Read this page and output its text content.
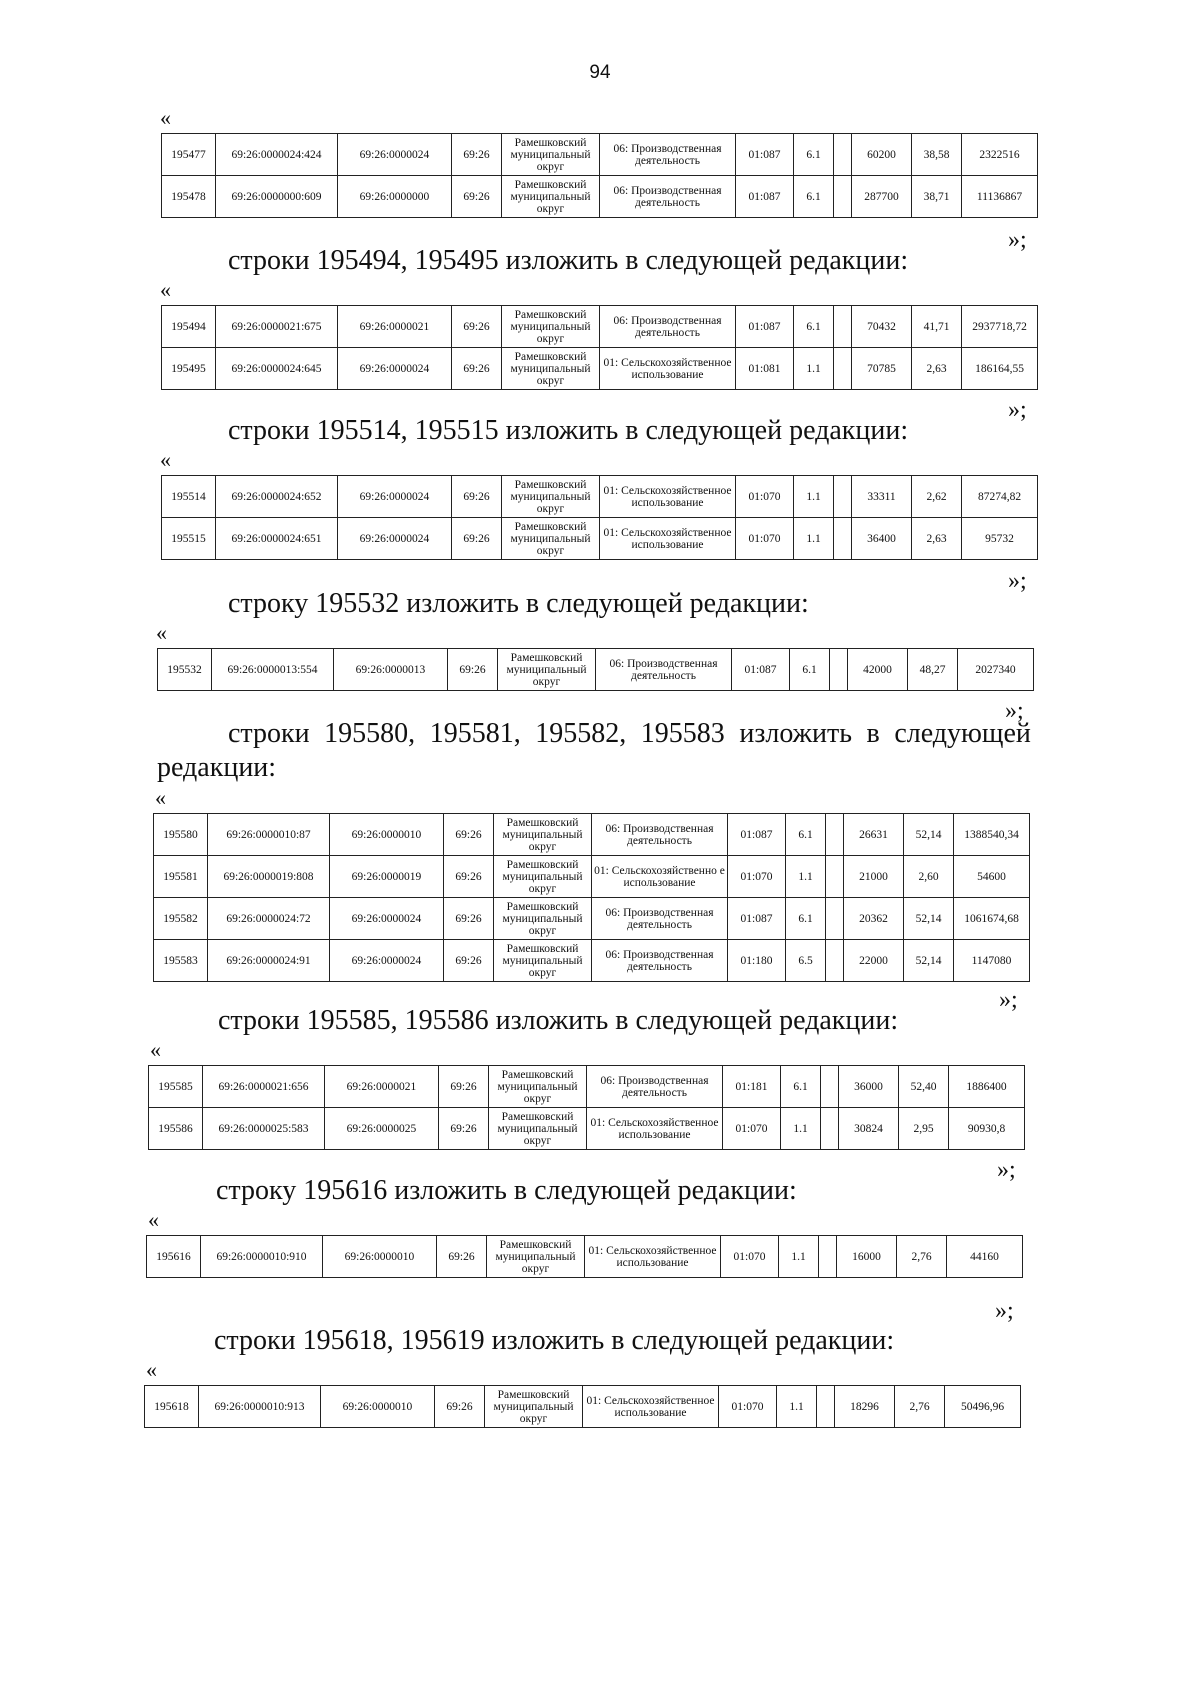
94
«
195477	69:26:0000024:424	69:26:0000024	69:26	Рамешковский муниципальный округ	06: Производственная деятельность	01:087	6.1		60200	38,58	2322516
195478	69:26:0000000:609	69:26:0000000	69:26	Рамешковский муниципальный округ	06: Производственная деятельность	01:087	6.1		287700	38,71	11136867
строки 195494, 195495 изложить в следующей редакции:
»;
«
195494	69:26:0000021:675	69:26:0000021	69:26	Рамешковский муниципальный округ	06: Производственная деятельность	01:087	6.1		70432	41,71	2937718,72
195495	69:26:0000024:645	69:26:0000024	69:26	Рамешковский муниципальный округ	01: Сельскохозяйственное использование	01:081	1.1		70785	2,63	186164,55
строки 195514, 195515 изложить в следующей редакции:
»;
«
195514	69:26:0000024:652	69:26:0000024	69:26	Рамешковский муниципальный округ	01: Сельскохозяйственное использование	01:070	1.1		33311	2,62	87274,82
195515	69:26:0000024:651	69:26:0000024	69:26	Рамешковский муниципальный округ	01: Сельскохозяйственное использование	01:070	1.1		36400	2,63	95732
строку 195532 изложить в следующей редакции:
»;
«
195532	69:26:0000013:554	69:26:0000013	69:26	Рамешковский муниципальный округ	06: Производственная деятельность	01:087	6.1		42000	48,27	2027340
строки 195580, 195581, 195582, 195583 изложить в следующей
редакции:
»;
«
195580	69:26:0000010:87	69:26:0000010	69:26	Рамешковский муниципальный округ	06: Производственная деятельность	01:087	6.1		26631	52,14	1388540,34
195581	69:26:0000019:808	69:26:0000019	69:26	Рамешковский муниципальный округ	01: Сельскохозяйственно е использование	01:070	1.1		21000	2,60	54600
195582	69:26:0000024:72	69:26:0000024	69:26	Рамешковский муниципальный округ	06: Производственная деятельность	01:087	6.1		20362	52,14	1061674,68
195583	69:26:0000024:91	69:26:0000024	69:26	Рамешковский муниципальный округ	06: Производственная деятельность	01:180	6.5		22000	52,14	1147080
строки 195585, 195586 изложить в следующей редакции:
»;
«
195585	69:26:0000021:656	69:26:0000021	69:26	Рамешковский муниципальный округ	06: Производственная деятельность	01:181	6.1		36000	52,40	1886400
195586	69:26:0000025:583	69:26:0000025	69:26	Рамешковский муниципальный округ	01: Сельскохозяйственное использование	01:070	1.1		30824	2,95	90930,8
строку 195616 изложить в следующей редакции:
»;
«
195616	69:26:0000010:910	69:26:0000010	69:26	Рамешковский муниципальный округ	01: Сельскохозяйственное использование	01:070	1.1		16000	2,76	44160
строки 195618, 195619 изложить в следующей редакции:
»;
«
195618	69:26:0000010:913	69:26:0000010	69:26	Рамешковский муниципальный округ	01: Сельскохозяйственное использование	01:070	1.1		18296	2,76	50496,96
